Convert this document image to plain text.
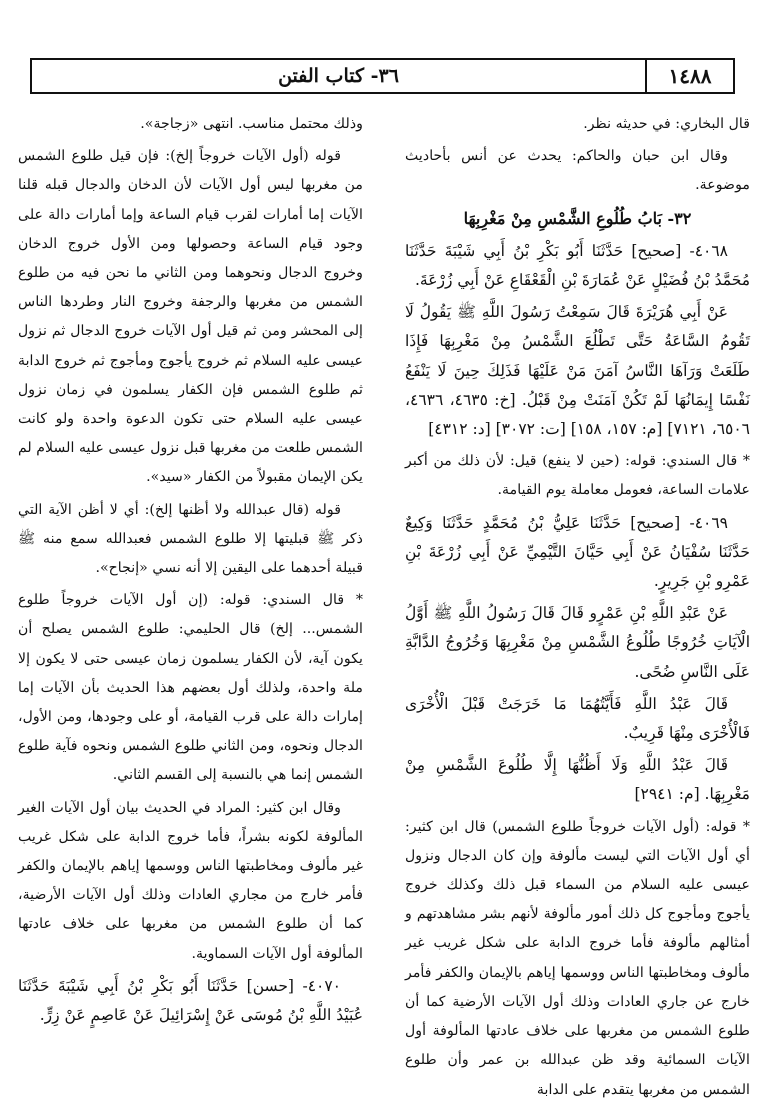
١٤٨٨
٣٦- كتاب الفتن

قال البخاري: في حديثه نظر.

وقال ابن حبان والحاكم: يحدث عن أنس بأحاديث موضوعة.

٣٢- بَابُ طُلُوعِ الشَّمْسِ مِنْ مَغْرِبِهَا

٤٠٦٨- [صحيح] حَدَّثَنَا أَبُو بَكْرِ بْنُ أَبِي شَيْبَةَ حَدَّثَنَا مُحَمَّدُ بْنُ فُضَيْلٍ عَنْ عُمَارَةَ بْنِ الْقَعْقَاعِ عَنْ أَبِي زُرْعَةَ.

عَنْ أَبِي هُرَيْرَةَ قَالَ سَمِعْتُ رَسُولَ اللَّهِ ﷺ يَقُولُ لَا تَقُومُ السَّاعَةُ حَتَّى تَطْلُعَ الشَّمْسُ مِنْ مَغْرِبِهَا فَإِذَا طَلَعَتْ وَرَآهَا النَّاسُ آمَنَ مَنْ عَلَيْهَا فَذَلِكَ حِينَ لَا يَنْفَعُ نَفْسًا إِيمَانُهَا لَمْ تَكُنْ آمَنَتْ مِنْ قَبْلُ. [خ: ٤٦٣٥، ٤٦٣٦، ٦٥٠٦، ٧١٢١] [م: ١٥٧، ١٥٨] [ت: ٣٠٧٢] [د: ٤٣١٢]

* قال السندي: قوله: (حين لا ينفع) قيل: لأن ذلك من أكبر علامات الساعة، فعومل معاملة يوم القيامة.

٤٠٦٩- [صحيح] حَدَّثَنَا عَلِيُّ بْنُ مُحَمَّدٍ حَدَّثَنَا وَكِيعٌ حَدَّثَنَا سُفْيَانُ عَنْ أَبِي حَيَّانَ التَّيْمِيِّ عَنْ أَبِي زُرْعَةَ بْنِ عَمْرِو بْنِ جَرِيرٍ.

عَنْ عَبْدِ اللَّهِ بْنِ عَمْرٍو قَالَ قَالَ رَسُولُ اللَّهِ ﷺ أَوَّلُ الْآيَاتِ خُرُوجًا طُلُوعُ الشَّمْسِ مِنْ مَغْرِبِهَا وَخُرُوجُ الدَّابَّةِ عَلَى النَّاسِ ضُحًى.

قَالَ عَبْدُ اللَّهِ فَأَيَّتُهُمَا مَا خَرَجَتْ قَبْلَ الْأُخْرَى فَالْأُخْرَى مِنْهَا قَرِيبٌ.

قَالَ عَبْدُ اللَّهِ وَلَا أَظُنُّهَا إِلَّا طُلُوعَ الشَّمْسِ مِنْ مَغْرِبِهَا. [م: ٢٩٤١]

* قوله: (أول الآيات خروجاً طلوع الشمس) قال ابن كثير: أي أول الآيات التي ليست مألوفة وإن كان الدجال ونزول عيسى عليه السلام من السماء قبل ذلك وكذلك خروج يأجوج ومأجوج كل ذلك أمور مألوفة لأنهم بشر مشاهدتهم و أمثالهم مألوفة فأما خروج الدابة على شكل غريب غير مألوف ومخاطبتها الناس ووسمها إياهم بالإيمان والكفر فأمر خارج عن جاري العادات وذلك أول الآيات الأرضية كما أن طلوع الشمس من مغربها على خلاف عادتها المألوفة أول الآيات السمائية وقد ظن عبدالله بن عمر وأن طلوع الشمس من مغربها يتقدم على الدابة

وذلك محتمل مناسب. انتهى «زجاجة».

قوله (أول الآيات خروجاً إلخ): فإن قيل طلوع الشمس من مغربها ليس أول الآيات لأن الدخان والدجال قبله قلنا الآيات إما أمارات لقرب قيام الساعة وإما أمارات دالة على وجود قيام الساعة وحصولها ومن الأول خروج الدخان وخروج الدجال ونحوهما ومن الثاني ما نحن فيه من طلوع الشمس من مغربها والرجفة وخروج النار وطردها الناس إلى المحشر ومن ثم قيل أول الآيات خروج الدجال ثم نزول عيسى عليه السلام ثم خروج يأجوج ومأجوج ثم خروج الدابة ثم طلوع الشمس فإن الكفار يسلمون في زمان نزول عيسى عليه السلام حتى تكون الدعوة واحدة ولو كانت الشمس طلعت من مغربها قبل نزول عيسى عليه السلام لم يكن الإيمان مقبولاً من الكفار «سيد».

قوله (قال عبدالله ولا أظنها إلخ): أي لا أظن الآية التي ذكر ﷺ قبليتها إلا طلوع الشمس فعبدالله سمع منه ﷺ قبيلة أحدهما على اليقين إلا أنه نسي «إنجاح».

* قال السندي: قوله: (إن أول الآيات خروجاً طلوع الشمس... إلخ) قال الحليمي: طلوع الشمس يصلح أن يكون آية، لأن الكفار يسلمون زمان عيسى حتى لا يكون إلا ملة واحدة، ولذلك أول بعضهم هذا الحديث بأن الآيات إما إمارات دالة على قرب القيامة، أو على وجودها، ومن الأول، الدجال ونحوه، ومن الثاني طلوع الشمس ونحوه فآية طلوع الشمس إنما هي بالنسبة إلى القسم الثاني.

وقال ابن كثير: المراد في الحديث بيان أول الآيات الغير المألوفة لكونه بشراً، فأما خروج الدابة على شكل غريب غير مألوف ومخاطبتها الناس ووسمها إياهم بالإيمان والكفر فأمر خارج من مجاري العادات وذلك أول الآيات الأرضية، كما أن طلوع الشمس من مغربها على خلاف عادتها المألوفة أول الآيات السماوية.

٤٠٧٠- [حسن] حَدَّثَنَا أَبُو بَكْرِ بْنُ أَبِي شَيْبَةَ حَدَّثَنَا عُبَيْدُ اللَّهِ بْنُ مُوسَى عَنْ إِسْرَائِيلَ عَنْ عَاصِمٍ عَنْ زِرٍّ.
